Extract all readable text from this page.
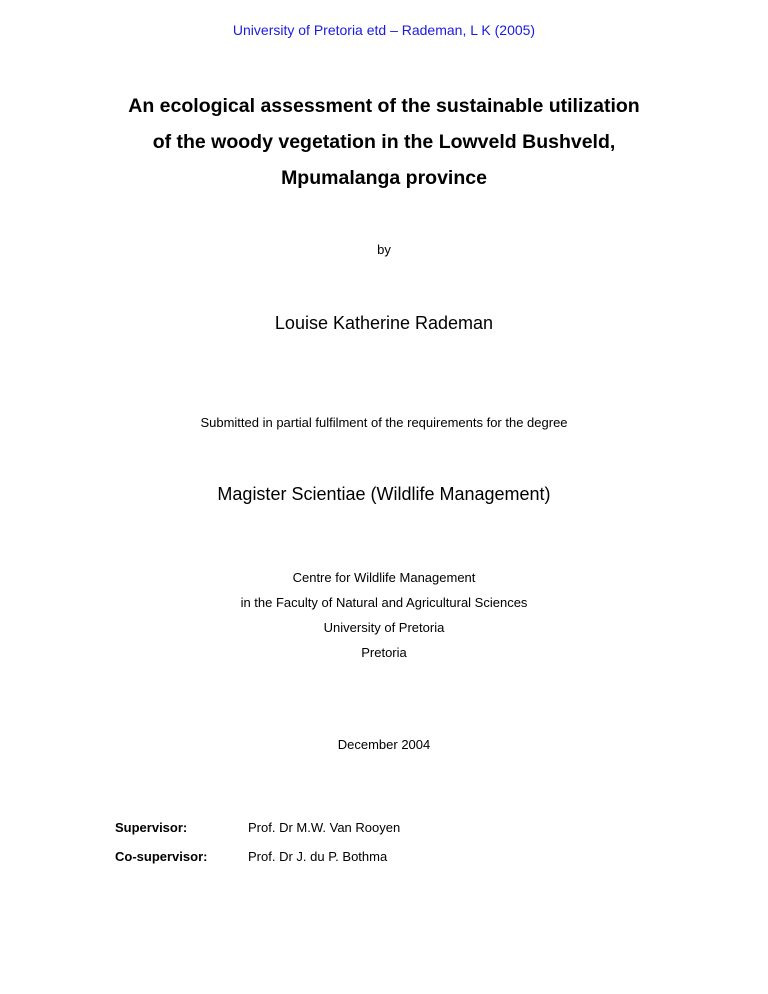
University of Pretoria etd – Rademan, L K (2005)
An ecological assessment of the sustainable utilization
of the woody vegetation in the Lowveld Bushveld,
Mpumalanga province
by
Louise Katherine Rademan
Submitted in partial fulfilment of the requirements for the degree
Magister Scientiae (Wildlife Management)
Centre for Wildlife Management
in the Faculty of Natural and Agricultural Sciences
University of Pretoria
Pretoria
December 2004
Supervisor:	Prof. Dr M.W. Van Rooyen
Co-supervisor:	Prof. Dr J. du P. Bothma
